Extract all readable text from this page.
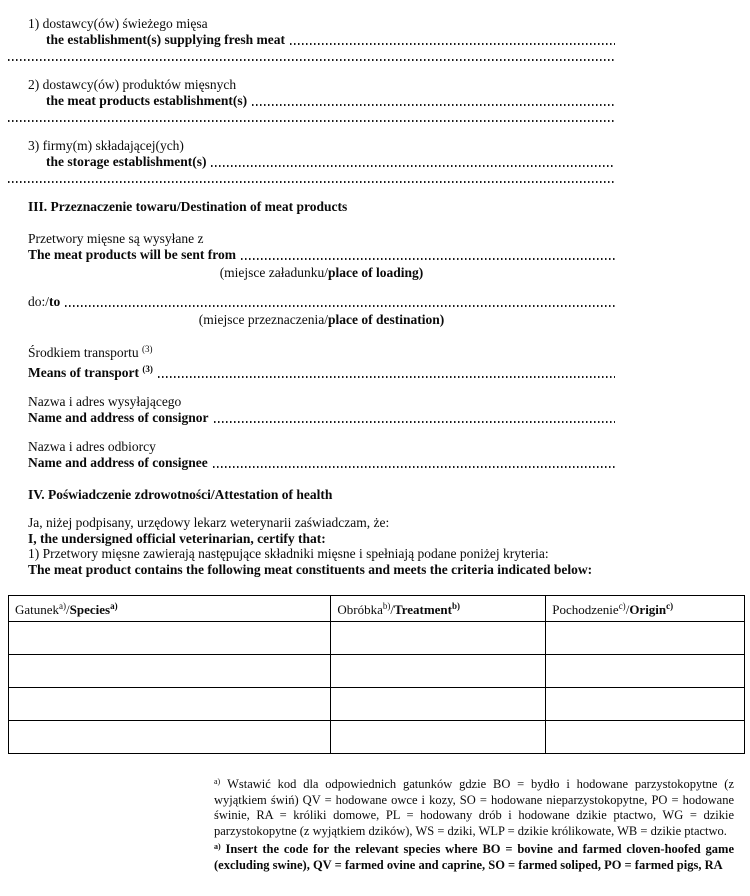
1) dostawcy(ów) świeżego mięsa
the establishment(s) supplying fresh meat
2) dostawcy(ów) produktów mięsnych
the meat products establishment(s)
3) firmy(m) składającej(ych)
the storage establishment(s)
III. Przeznaczenie towaru/Destination of meat products
Przetwory mięsne są wysyłane z
The meat products will be sent from
(miejsce załadunku/place of loading)
do:/to
(miejsce przeznaczenia/place of destination)
Środkiem transportu $^{(3)}$
Means of transport $^{(3)}$
Nazwa i adres wysyłającego
Name and address of consignor
Nazwa i adres odbiorcy
Name and address of consignee
IV. Poświadczenie zdrowotności/Attestation of health
Ja, niżej podpisany, urzędowy lekarz weterynarii zaświadczam, że:
I, the undersigned official veterinarian, certify that:
1) Przetwory mięsne zawierają następujące składniki mięsne i spełniają podane poniżej kryteria:
The meat product contains the following meat constituents and meets the criteria indicated below:
Gatunek$^{a)}$/Species$^{a)}$	Obróbka$^{b)}$/Treatment$^{b)}$	Pochodzenie$^{c)}$/Origin$^{c)}$

$^{a)}$ Wstawić kod dla odpowiednich gatunków gdzie BO = bydło i hodowane parzystokopytne (z wyjątkiem świń) QV = hodowane owce i kozy, SO = hodowane nieparzystokopytne, PO = hodowane świnie, RA = króliki domowe, PL = hodowany drób i hodowane dzikie ptactwo, WG = dzikie parzystokopytne (z wyjątkiem dzików), WS = dziki, WLP = dzikie królikowate, WB = dzikie ptactwo.
$^{a)}$ Insert the code for the relevant species where BO = bovine and farmed cloven-hoofed game (excluding swine), QV = farmed ovine and caprine, SO = farmed soliped, PO = farmed pigs, RA
